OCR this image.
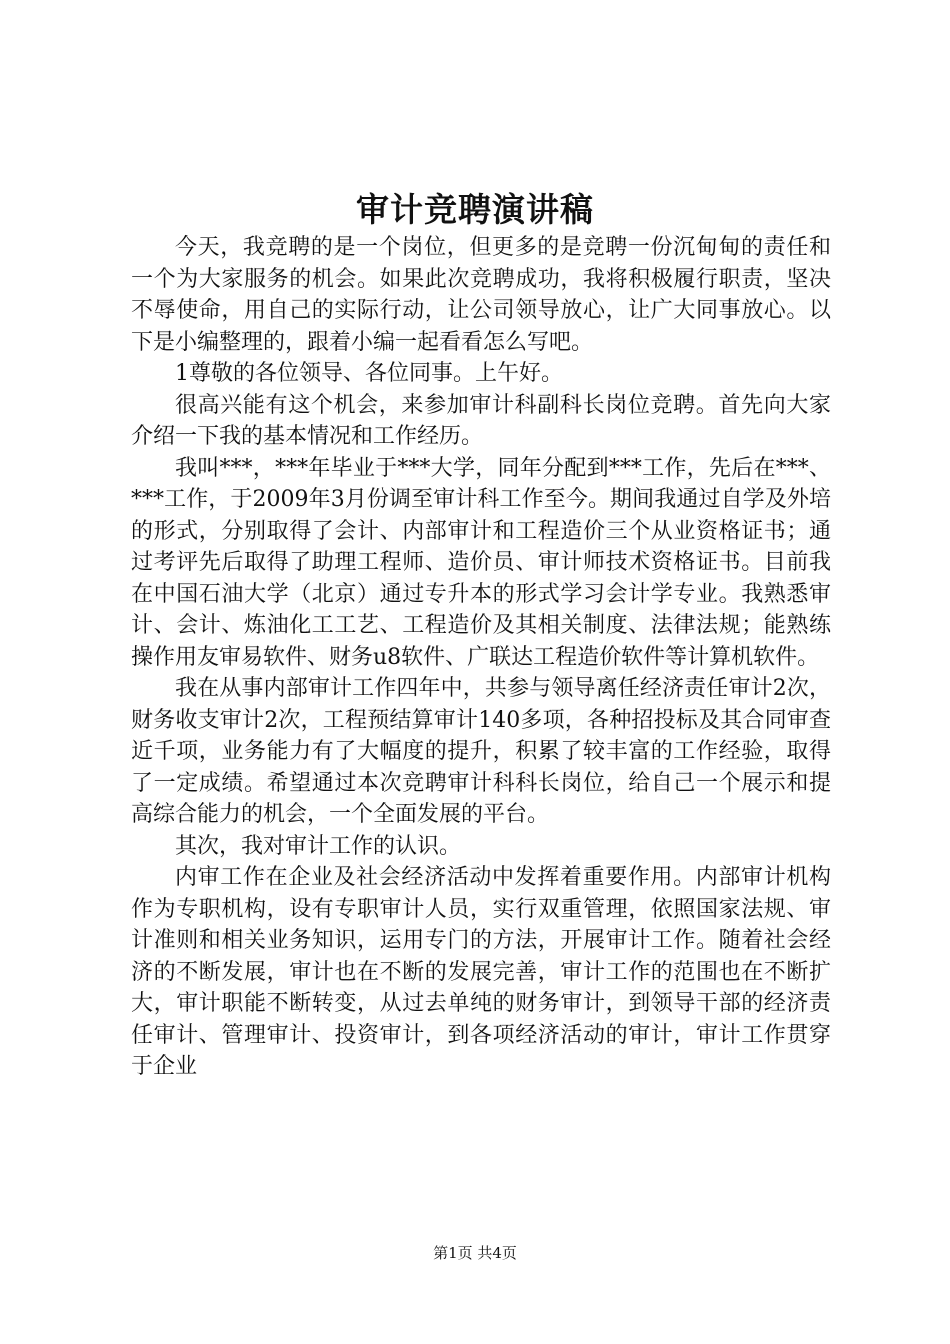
审计竞聘演讲稿

今天，我竞聘的是一个岗位，但更多的是竞聘一份沉甸甸的责任和一个为大家服务的机会。如果此次竞聘成功，我将积极履行职责，坚决不辱使命，用自己的实际行动，让公司领导放心，让广大同事放心。以下是小编整理的，跟着小编一起看看怎么写吧。

1尊敬的各位领导、各位同事。上午好。

很高兴能有这个机会，来参加审计科副科长岗位竞聘。首先向大家介绍一下我的基本情况和工作经历。

我叫***，***年毕业于***大学，同年分配到***工作，先后在***、***工作，于2009年3月份调至审计科工作至今。期间我通过自学及外培的形式，分别取得了会计、内部审计和工程造价三个从业资格证书；通过考评先后取得了助理工程师、造价员、审计师技术资格证书。目前我在中国石油大学（北京）通过专升本的形式学习会计学专业。我熟悉审计、会计、炼油化工工艺、工程造价及其相关制度、法律法规；能熟练操作用友审易软件、财务u8软件、广联达工程造价软件等计算机软件。

我在从事内部审计工作四年中，共参与领导离任经济责任审计2次，财务收支审计2次，工程预结算审计140多项，各种招投标及其合同审查近千项，业务能力有了大幅度的提升，积累了较丰富的工作经验，取得了一定成绩。希望通过本次竞聘审计科科长岗位，给自己一个展示和提高综合能力的机会，一个全面发展的平台。

其次，我对审计工作的认识。

内审工作在企业及社会经济活动中发挥着重要作用。内部审计机构作为专职机构，设有专职审计人员，实行双重管理，依照国家法规、审计准则和相关业务知识，运用专门的方法，开展审计工作。随着社会经济的不断发展，审计也在不断的发展完善，审计工作的范围也在不断扩大，审计职能不断转变，从过去单纯的财务审计，到领导干部的经济责任审计、管理审计、投资审计，到各项经济活动的审计，审计工作贯穿于企业

第1页 共4页
